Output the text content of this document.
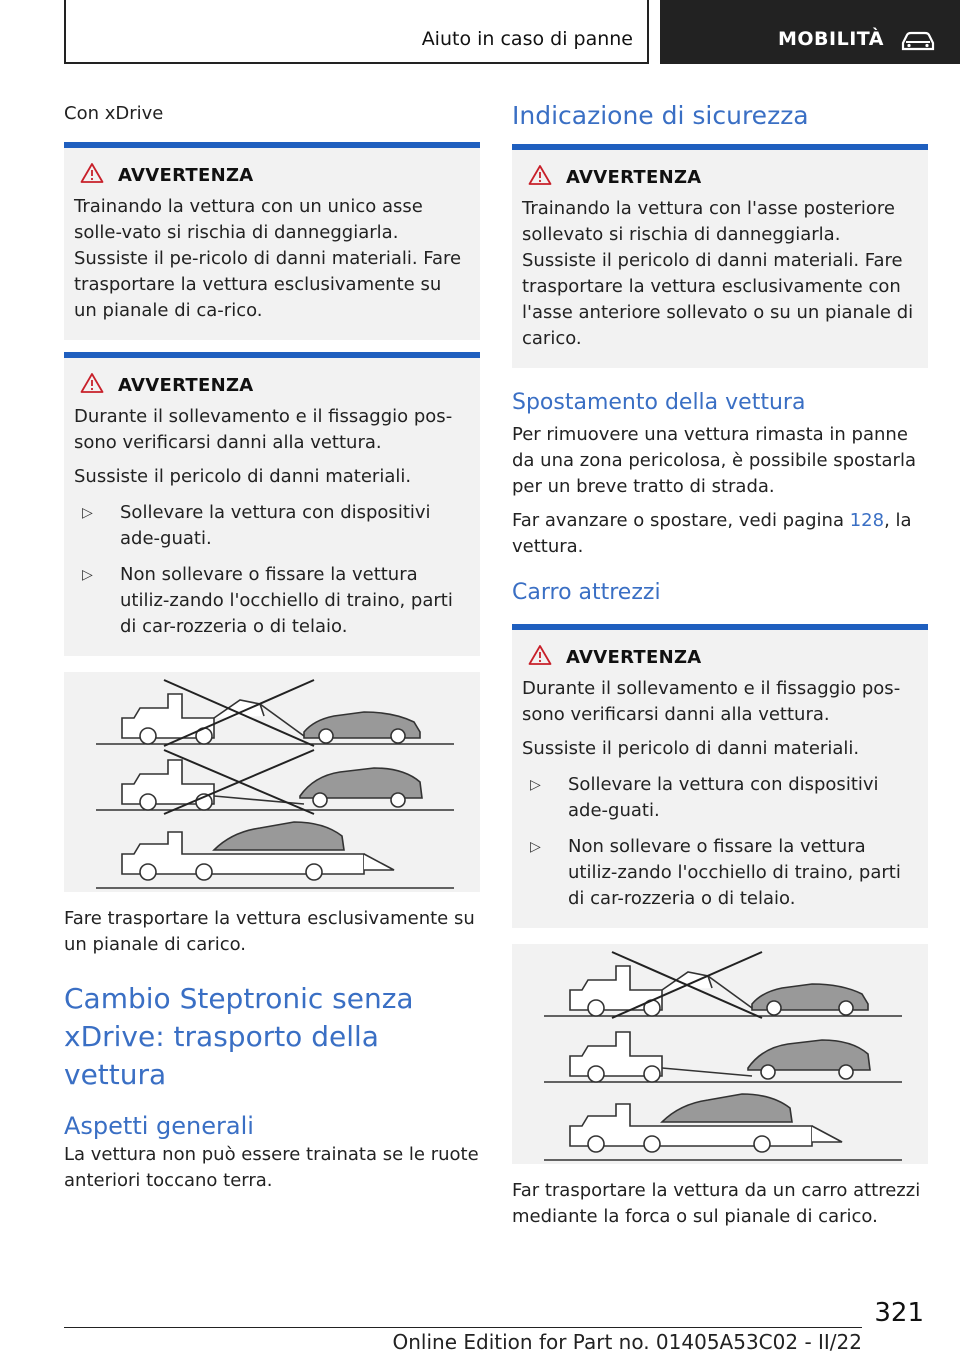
Aiuto in caso di panne	MOBILITÀ

Con xDrive

AVVERTENZA

Trainando la vettura con un unico asse solle-vato si rischia di danneggiarla. Sussiste il pe-ricolo di danni materiali. Fare trasportare la vettura esclusivamente su un pianale di ca-rico.

AVVERTENZA

Durante il sollevamento e il fissaggio pos-sono verificarsi danni alla vettura.

Sussiste il pericolo di danni materiali.

▷	Sollevare la vettura con dispositivi ade-guati.

▷	Non sollevare o fissare la vettura utiliz-zando l'occhiello di traino, parti di car-rozzeria o di telaio.

Fare trasportare la vettura esclusivamente su un pianale di carico.

Cambio Steptronic senza xDrive: trasporto della vettura
Aspetti generali

La vettura non può essere trainata se le ruote anteriori toccano terra.

Indicazione di sicurezza
AVVERTENZA

Trainando la vettura con l'asse posteriore sollevato si rischia di danneggiarla. Sussiste il pericolo di danni materiali. Fare trasportare la vettura esclusivamente con l'asse anteriore sollevato o su un pianale di carico.

Spostamento della vettura

Per rimuovere una vettura rimasta in panne da una zona pericolosa, è possibile spostarla per un breve tratto di strada.

Far avanzare o spostare, vedi pagina 128, la vettura.

Carro attrezzi
AVVERTENZA

Durante il sollevamento e il fissaggio pos-sono verificarsi danni alla vettura.

Sussiste il pericolo di danni materiali.

▷	Sollevare la vettura con dispositivi ade-guati.

▷	Non sollevare o fissare la vettura utiliz-zando l'occhiello di traino, parti di car-rozzeria o di telaio.

Far trasportare la vettura da un carro attrezzi mediante la forca o sul pianale di carico.

321
Online Edition for Part no. 01405A53C02 - II/22
